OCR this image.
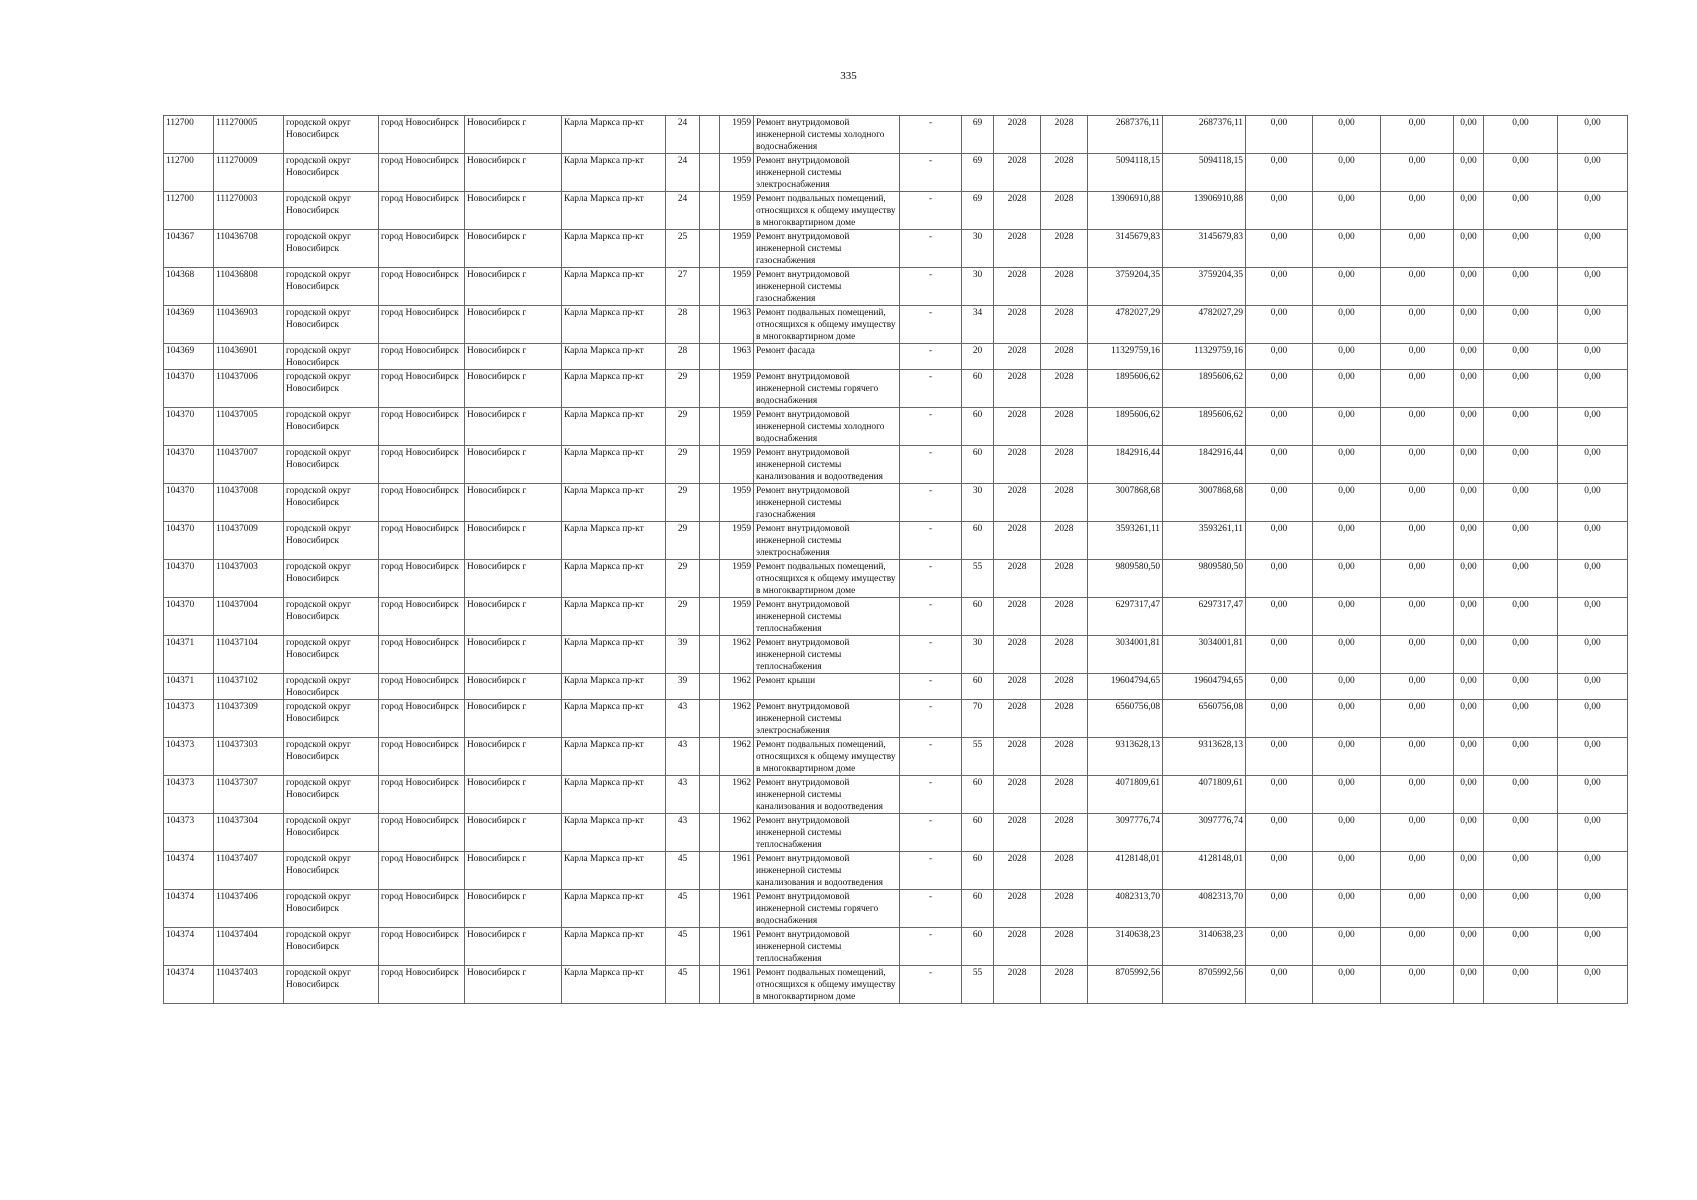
335
112700	111270005	городской округ Новосибирск	город Новосибирск	Новосибирск г	Карла Маркса пр-кт	24		1959	Ремонт внутридомовой инженерной системы холодного водоснабжения	-	69	2028	2028	2687376,11	2687376,11	0,00	0,00	0,00	0,00	0,00	0,00
112700	111270009	городской округ Новосибирск	город Новосибирск	Новосибирск г	Карла Маркса пр-кт	24		1959	Ремонт внутридомовой инженерной системы электроснабжения	-	69	2028	2028	5094118,15	5094118,15	0,00	0,00	0,00	0,00	0,00	0,00
112700	111270003	городской округ Новосибирск	город Новосибирск	Новосибирск г	Карла Маркса пр-кт	24		1959	Ремонт подвальных помещений, относящихся к общему имуществу в многоквартирном доме	-	69	2028	2028	13906910,88	13906910,88	0,00	0,00	0,00	0,00	0,00	0,00
104367	110436708	городской округ Новосибирск	город Новосибирск	Новосибирск г	Карла Маркса пр-кт	25		1959	Ремонт внутридомовой инженерной системы газоснабжения	-	30	2028	2028	3145679,83	3145679,83	0,00	0,00	0,00	0,00	0,00	0,00
104368	110436808	городской округ Новосибирск	город Новосибирск	Новосибирск г	Карла Маркса пр-кт	27		1959	Ремонт внутридомовой инженерной системы газоснабжения	-	30	2028	2028	3759204,35	3759204,35	0,00	0,00	0,00	0,00	0,00	0,00
104369	110436903	городской округ Новосибирск	город Новосибирск	Новосибирск г	Карла Маркса пр-кт	28		1963	Ремонт подвальных помещений, относящихся к общему имуществу в многоквартирном доме	-	34	2028	2028	4782027,29	4782027,29	0,00	0,00	0,00	0,00	0,00	0,00
104369	110436901	городской округ Новосибирск	город Новосибирск	Новосибирск г	Карла Маркса пр-кт	28		1963	Ремонт фасада	-	20	2028	2028	11329759,16	11329759,16	0,00	0,00	0,00	0,00	0,00	0,00
104370	110437006	городской округ Новосибирск	город Новосибирск	Новосибирск г	Карла Маркса пр-кт	29		1959	Ремонт внутридомовой инженерной системы горячего водоснабжения	-	60	2028	2028	1895606,62	1895606,62	0,00	0,00	0,00	0,00	0,00	0,00
104370	110437005	городской округ Новосибирск	город Новосибирск	Новосибирск г	Карла Маркса пр-кт	29		1959	Ремонт внутридомовой инженерной системы холодного водоснабжения	-	60	2028	2028	1895606,62	1895606,62	0,00	0,00	0,00	0,00	0,00	0,00
104370	110437007	городской округ Новосибирск	город Новосибирск	Новосибирск г	Карла Маркса пр-кт	29		1959	Ремонт внутридомовой инженерной системы канализования и водоотведения	-	60	2028	2028	1842916,44	1842916,44	0,00	0,00	0,00	0,00	0,00	0,00
104370	110437008	городской округ Новосибирск	город Новосибирск	Новосибирск г	Карла Маркса пр-кт	29		1959	Ремонт внутридомовой инженерной системы газоснабжения	-	30	2028	2028	3007868,68	3007868,68	0,00	0,00	0,00	0,00	0,00	0,00
104370	110437009	городской округ Новосибирск	город Новосибирск	Новосибирск г	Карла Маркса пр-кт	29		1959	Ремонт внутридомовой инженерной системы электроснабжения	-	60	2028	2028	3593261,11	3593261,11	0,00	0,00	0,00	0,00	0,00	0,00
104370	110437003	городской округ Новосибирск	город Новосибирск	Новосибирск г	Карла Маркса пр-кт	29		1959	Ремонт подвальных помещений, относящихся к общему имуществу в многоквартирном доме	-	55	2028	2028	9809580,50	9809580,50	0,00	0,00	0,00	0,00	0,00	0,00
104370	110437004	городской округ Новосибирск	город Новосибирск	Новосибирск г	Карла Маркса пр-кт	29		1959	Ремонт внутридомовой инженерной системы теплоснабжения	-	60	2028	2028	6297317,47	6297317,47	0,00	0,00	0,00	0,00	0,00	0,00
104371	110437104	городской округ Новосибирск	город Новосибирск	Новосибирск г	Карла Маркса пр-кт	39		1962	Ремонт внутридомовой инженерной системы теплоснабжения	-	30	2028	2028	3034001,81	3034001,81	0,00	0,00	0,00	0,00	0,00	0,00
104371	110437102	городской округ Новосибирск	город Новосибирск	Новосибирск г	Карла Маркса пр-кт	39		1962	Ремонт крыши	-	60	2028	2028	19604794,65	19604794,65	0,00	0,00	0,00	0,00	0,00	0,00
104373	110437309	городской округ Новосибирск	город Новосибирск	Новосибирск г	Карла Маркса пр-кт	43		1962	Ремонт внутридомовой инженерной системы электроснабжения	-	70	2028	2028	6560756,08	6560756,08	0,00	0,00	0,00	0,00	0,00	0,00
104373	110437303	городской округ Новосибирск	город Новосибирск	Новосибирск г	Карла Маркса пр-кт	43		1962	Ремонт подвальных помещений, относящихся к общему имуществу в многоквартирном доме	-	55	2028	2028	9313628,13	9313628,13	0,00	0,00	0,00	0,00	0,00	0,00
104373	110437307	городской округ Новосибирск	город Новосибирск	Новосибирск г	Карла Маркса пр-кт	43		1962	Ремонт внутридомовой инженерной системы канализования и водоотведения	-	60	2028	2028	4071809,61	4071809,61	0,00	0,00	0,00	0,00	0,00	0,00
104373	110437304	городской округ Новосибирск	город Новосибирск	Новосибирск г	Карла Маркса пр-кт	43		1962	Ремонт внутридомовой инженерной системы теплоснабжения	-	60	2028	2028	3097776,74	3097776,74	0,00	0,00	0,00	0,00	0,00	0,00
104374	110437407	городской округ Новосибирск	город Новосибирск	Новосибирск г	Карла Маркса пр-кт	45		1961	Ремонт внутридомовой инженерной системы канализования и водоотведения	-	60	2028	2028	4128148,01	4128148,01	0,00	0,00	0,00	0,00	0,00	0,00
104374	110437406	городской округ Новосибирск	город Новосибирск	Новосибирск г	Карла Маркса пр-кт	45		1961	Ремонт внутридомовой инженерной системы горячего водоснабжения	-	60	2028	2028	4082313,70	4082313,70	0,00	0,00	0,00	0,00	0,00	0,00
104374	110437404	городской округ Новосибирск	город Новосибирск	Новосибирск г	Карла Маркса пр-кт	45		1961	Ремонт внутридомовой инженерной системы теплоснабжения	-	60	2028	2028	3140638,23	3140638,23	0,00	0,00	0,00	0,00	0,00	0,00
104374	110437403	городской округ Новосибирск	город Новосибирск	Новосибирск г	Карла Маркса пр-кт	45		1961	Ремонт подвальных помещений, относящихся к общему имуществу в многоквартирном доме	-	55	2028	2028	8705992,56	8705992,56	0,00	0,00	0,00	0,00	0,00	0,00
